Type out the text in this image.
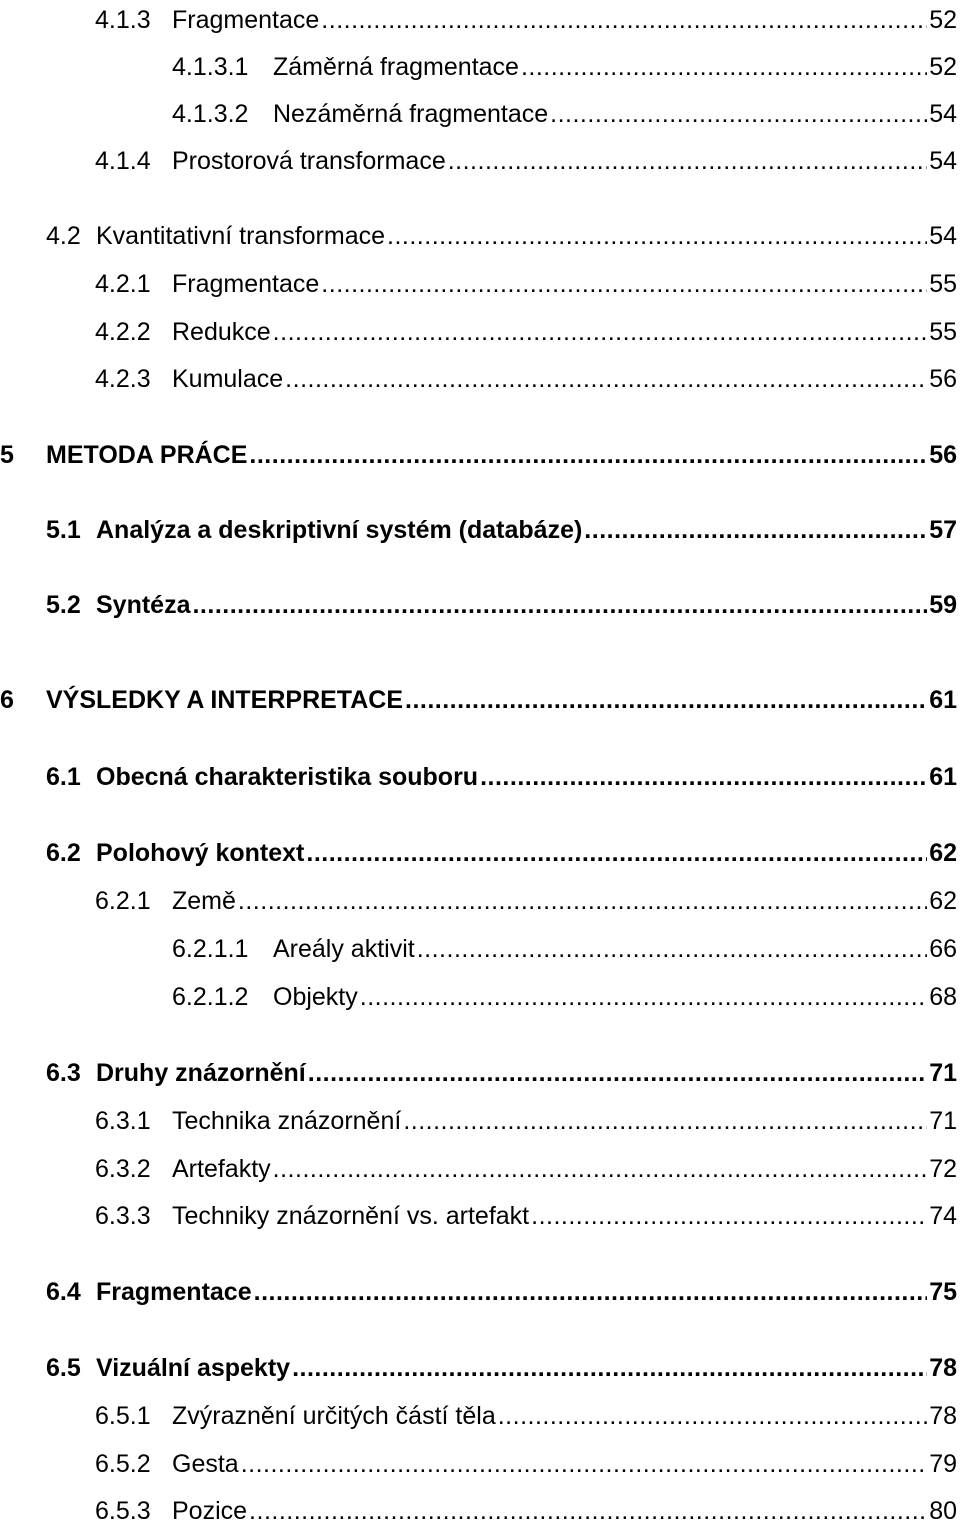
4.1.3 Fragmentace .....	52
4.1.3.1 Záměrná fragmentace .....	52
4.1.3.2 Nezáměrná fragmentace .....	54
4.1.4 Prostorová transformace .....	54
4.2 Kvantitativní transformace .....	54
4.2.1 Fragmentace .....	55
4.2.2 Redukce .....	55
4.2.3 Kumulace .....	56
5	METODA PRÁCE .....	56
5.1 Analýza a deskriptivní systém (databáze) .....	57
5.2 Syntéza .....	59
6	VÝSLEDKY A INTERPRETACE .....	61
6.1 Obecná charakteristika souboru .....	61
6.2 Polohový kontext .....	62
6.2.1 Země .....	62
6.2.1.1 Areály aktivit .....	66
6.2.1.2 Objekty .....	68
6.3 Druhy znázornění .....	71
6.3.1 Technika znázornění .....	71
6.3.2 Artefakty .....	72
6.3.3 Techniky znázornění vs. artefakt .....	74
6.4 Fragmentace .....	75
6.5 Vizuální aspekty .....	78
6.5.1 Zvýraznění určitých částí těla .....	78
6.5.2 Gesta .....	79
6.5.3 Pozice .....	80
